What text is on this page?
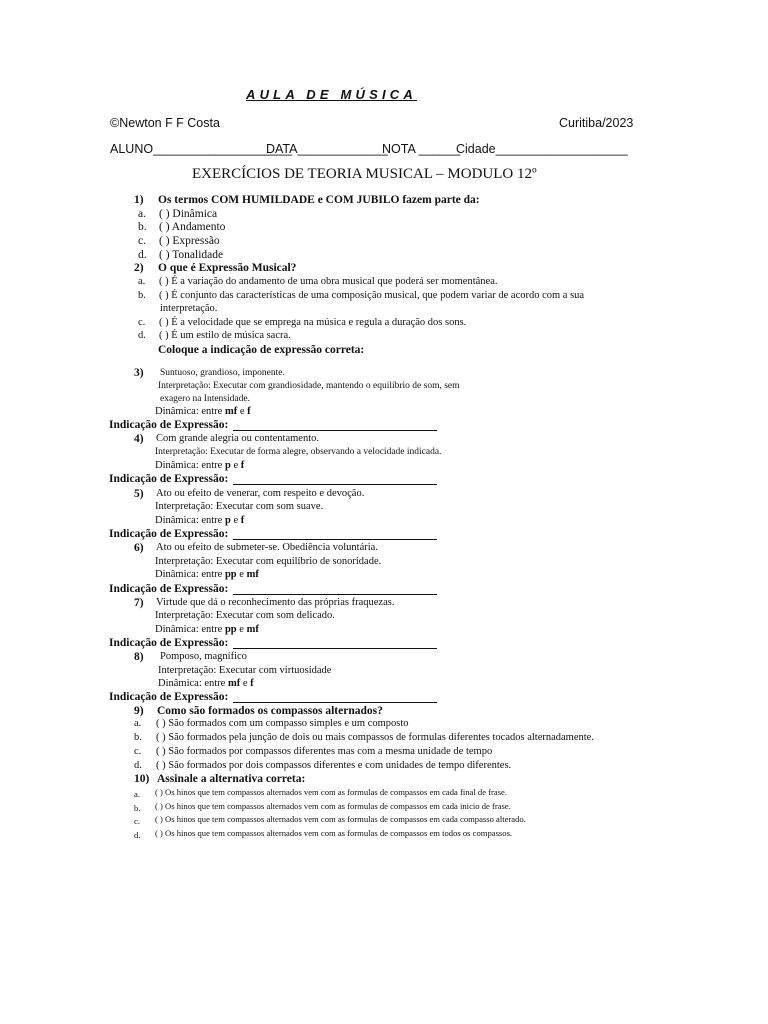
AULA DE MÚSICA
©Newton F F Costa	Curitiba/2023
ALUNO____________________
DATA_____________
NOTA ______
Cidade___________________
EXERCÍCIOS DE TEORIA MUSICAL – MODULO 12º
1) Os termos COM HUMILDADE e COM JUBILO fazem parte da:
a. ( ) Dinâmica
b. ( ) Andamento
c. ( ) Expressão
d. ( ) Tonalidade
2) O que é Expressão Musical?
a. ( ) É a variação do andamento de uma obra musical que poderá ser momentânea.
b. ( ) É conjunto das características de uma composição musical, que podem variar de acordo com a sua
interpretação.
c. ( ) É a velocidade que se emprega na música e regula a duração dos sons.
d. ( ) É um estilo de música sacra.
Coloque a indicação de expressão correta:
3) Suntuoso, grandioso, imponente.
Interpretação: Executar com grandiosidade, mantendo o equilíbrio de som, sem
exagero na Intensidade.
Dinâmica: entre mf e f
Indicação de Expressão:
4) Com grande alegria ou contentamento.
Interpretação: Executar de forma alegre, observando a velocidade indicada.
Dinâmica: entre p e f
Indicação de Expressão:
5) Ato ou efeito de venerar, com respeito e devoção.
Interpretação: Executar com som suave.
Dinâmica: entre p e f
Indicação de Expressão:
6) Ato ou efeito de submeter-se. Obediência voluntária.
Interpretação: Executar com equilíbrio de sonoridade.
Dinâmica: entre pp e mf
Indicação de Expressão:
7) Virtude que dá o reconhecimento das próprias fraquezas.
Interpretação: Executar com som delicado.
Dinâmica: entre pp e mf
Indicação de Expressão:
8) Pomposo, magnífico
Interpretação: Executar com virtuosidade
Dinâmica: entre mf e f
Indicação de Expressão:
9) Como são formados os compassos alternados?
a. ( ) São formados com um compasso simples e um composto
b. ( ) São formados pela junção de dois ou mais compassos de formulas diferentes tocados alternadamente.
c. ( ) São formados por compassos diferentes mas com a mesma unidade de tempo
d. ( ) São formados por dois compassos diferentes e com unidades de tempo diferentes.
10) Assinale a alternativa correta:
a. ( ) Os hinos que tem compassos alternados vem com as formulas de compassos em cada final de frase.
b. ( ) Os hinos que tem compassos alternados vem com as formulas de compassos em cada inicio de frase.
c. ( ) Os hinos que tem compassos alternados vem com as formulas de compassos em cada compasso alterado.
d. ( ) Os hinos que tem compassos alternados vem com as formulas de compassos em todos os compassos.
